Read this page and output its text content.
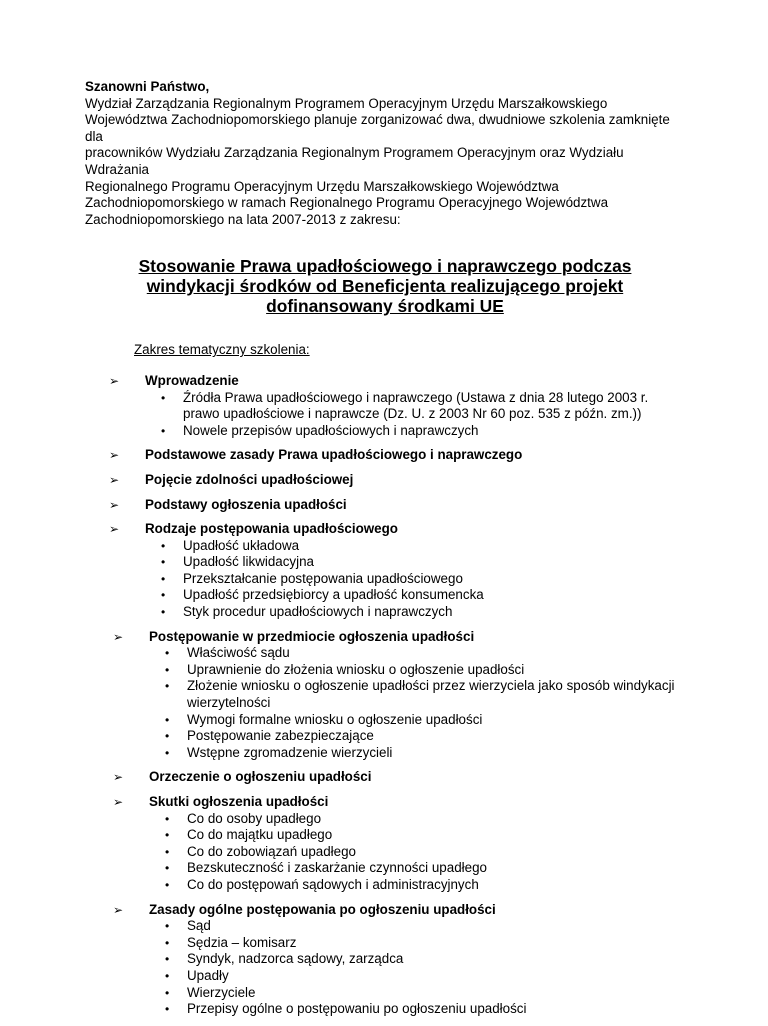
Szanowni Państwo,
Wydział Zarządzania Regionalnym Programem Operacyjnym Urzędu Marszałkowskiego
Województwa Zachodniopomorskiego planuje zorganizować dwa, dwudniowe szkolenia zamknięte dla
pracowników Wydziału Zarządzania Regionalnym Programem Operacyjnym oraz Wydziału Wdrażania
Regionalnego Programu Operacyjnym Urzędu Marszałkowskiego Województwa
Zachodniopomorskiego w ramach Regionalnego Programu Operacyjnego Województwa
Zachodniopomorskiego na lata 2007-2013 z zakresu:
Stosowanie Prawa upadłościowego i naprawczego podczas
windykacji środków od Beneficjenta realizującego projekt
dofinansowany środkami UE
Zakres tematyczny szkolenia:
➢ Wprowadzenie
• Źródła Prawa upadłościowego i naprawczego (Ustawa z dnia 28 lutego 2003 r. prawo upadłościowe i naprawcze (Dz. U. z 2003 Nr 60 poz. 535 z późn. zm.))
• Nowele przepisów upadłościowych i naprawczych
➢ Podstawowe zasady Prawa upadłościowego i naprawczego
➢ Pojęcie zdolności upadłościowej
➢ Podstawy ogłoszenia upadłości
➢ Rodzaje postępowania upadłościowego
• Upadłość układowa
• Upadłość likwidacyjna
• Przekształcanie postępowania upadłościowego
• Upadłość przedsiębiorcy a upadłość konsumencka
• Styk procedur upadłościowych i naprawczych
➢ Postępowanie w przedmiocie ogłoszenia upadłości
• Właściwość sądu
• Uprawnienie do złożenia wniosku o ogłoszenie upadłości
• Złożenie wniosku o ogłoszenie upadłości przez wierzyciela jako sposób windykacji wierzytelności
• Wymogi formalne wniosku o ogłoszenie upadłości
• Postępowanie zabezpieczające
• Wstępne zgromadzenie wierzycieli
➢ Orzeczenie o ogłoszeniu upadłości
➢ Skutki ogłoszenia upadłości
• Co do osoby upadłego
• Co do majątku upadłego
• Co do zobowiązań upadłego
• Bezskuteczność i zaskarżanie czynności upadłego
• Co do postępowań sądowych i administracyjnych
➢ Zasady ogólne postępowania po ogłoszeniu upadłości
• Sąd
• Sędzia – komisarz
• Syndyk, nadzorca sądowy, zarządca
• Upadły
• Wierzyciele
• Przepisy ogólne o postępowaniu po ogłoszeniu upadłości
